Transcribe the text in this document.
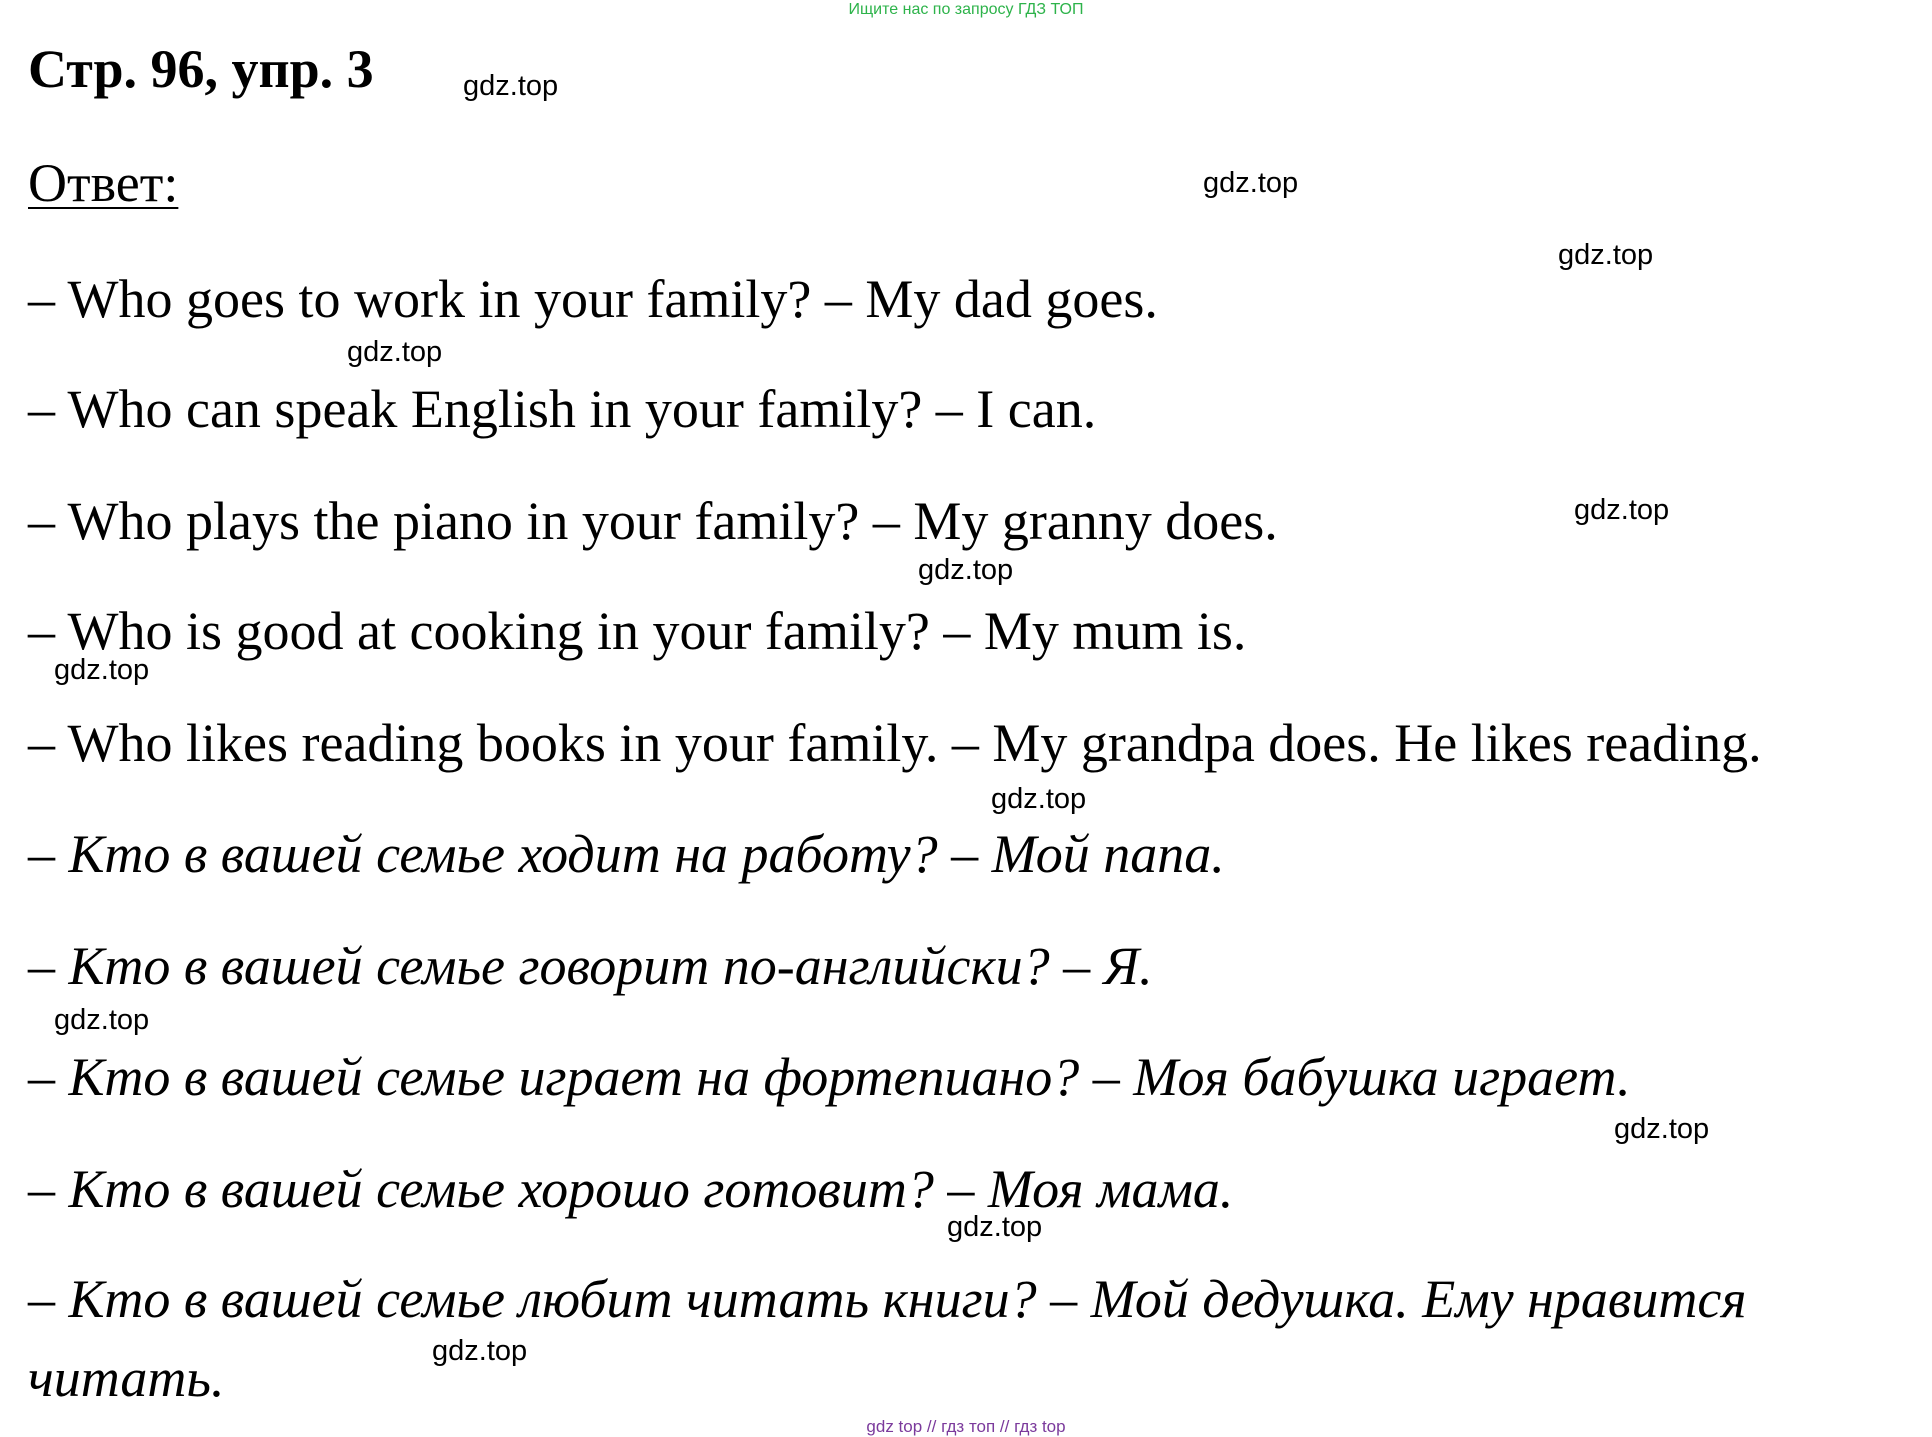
Ищите нас по запросу ГДЗ ТОП
Стр. 96, упр. 3
Ответ:
– Who goes to work in your family? – My dad goes.
– Who can speak English in your family? – I can.
– Who plays the piano in your family? – My granny does.
– Who is good at cooking in your family? – My mum is.
– Who likes reading books in your family. – My grandpa does. He likes reading.
– Кто в вашей семье ходит на работу? – Мой папа.
– Кто в вашей семье говорит по-английски? – Я.
– Кто в вашей семье играет на фортепиано? – Моя бабушка играет.
– Кто в вашей семье хорошо готовит? – Моя мама.
– Кто в вашей семье любит читать книги? – Мой дедушка. Ему нравится
читать.
gdz.top
gdz.top
gdz.top
gdz.top
gdz.top
gdz.top
gdz.top
gdz.top
gdz.top
gdz.top
gdz.top
gdz.top
gdz top // гдз топ // гдз top
